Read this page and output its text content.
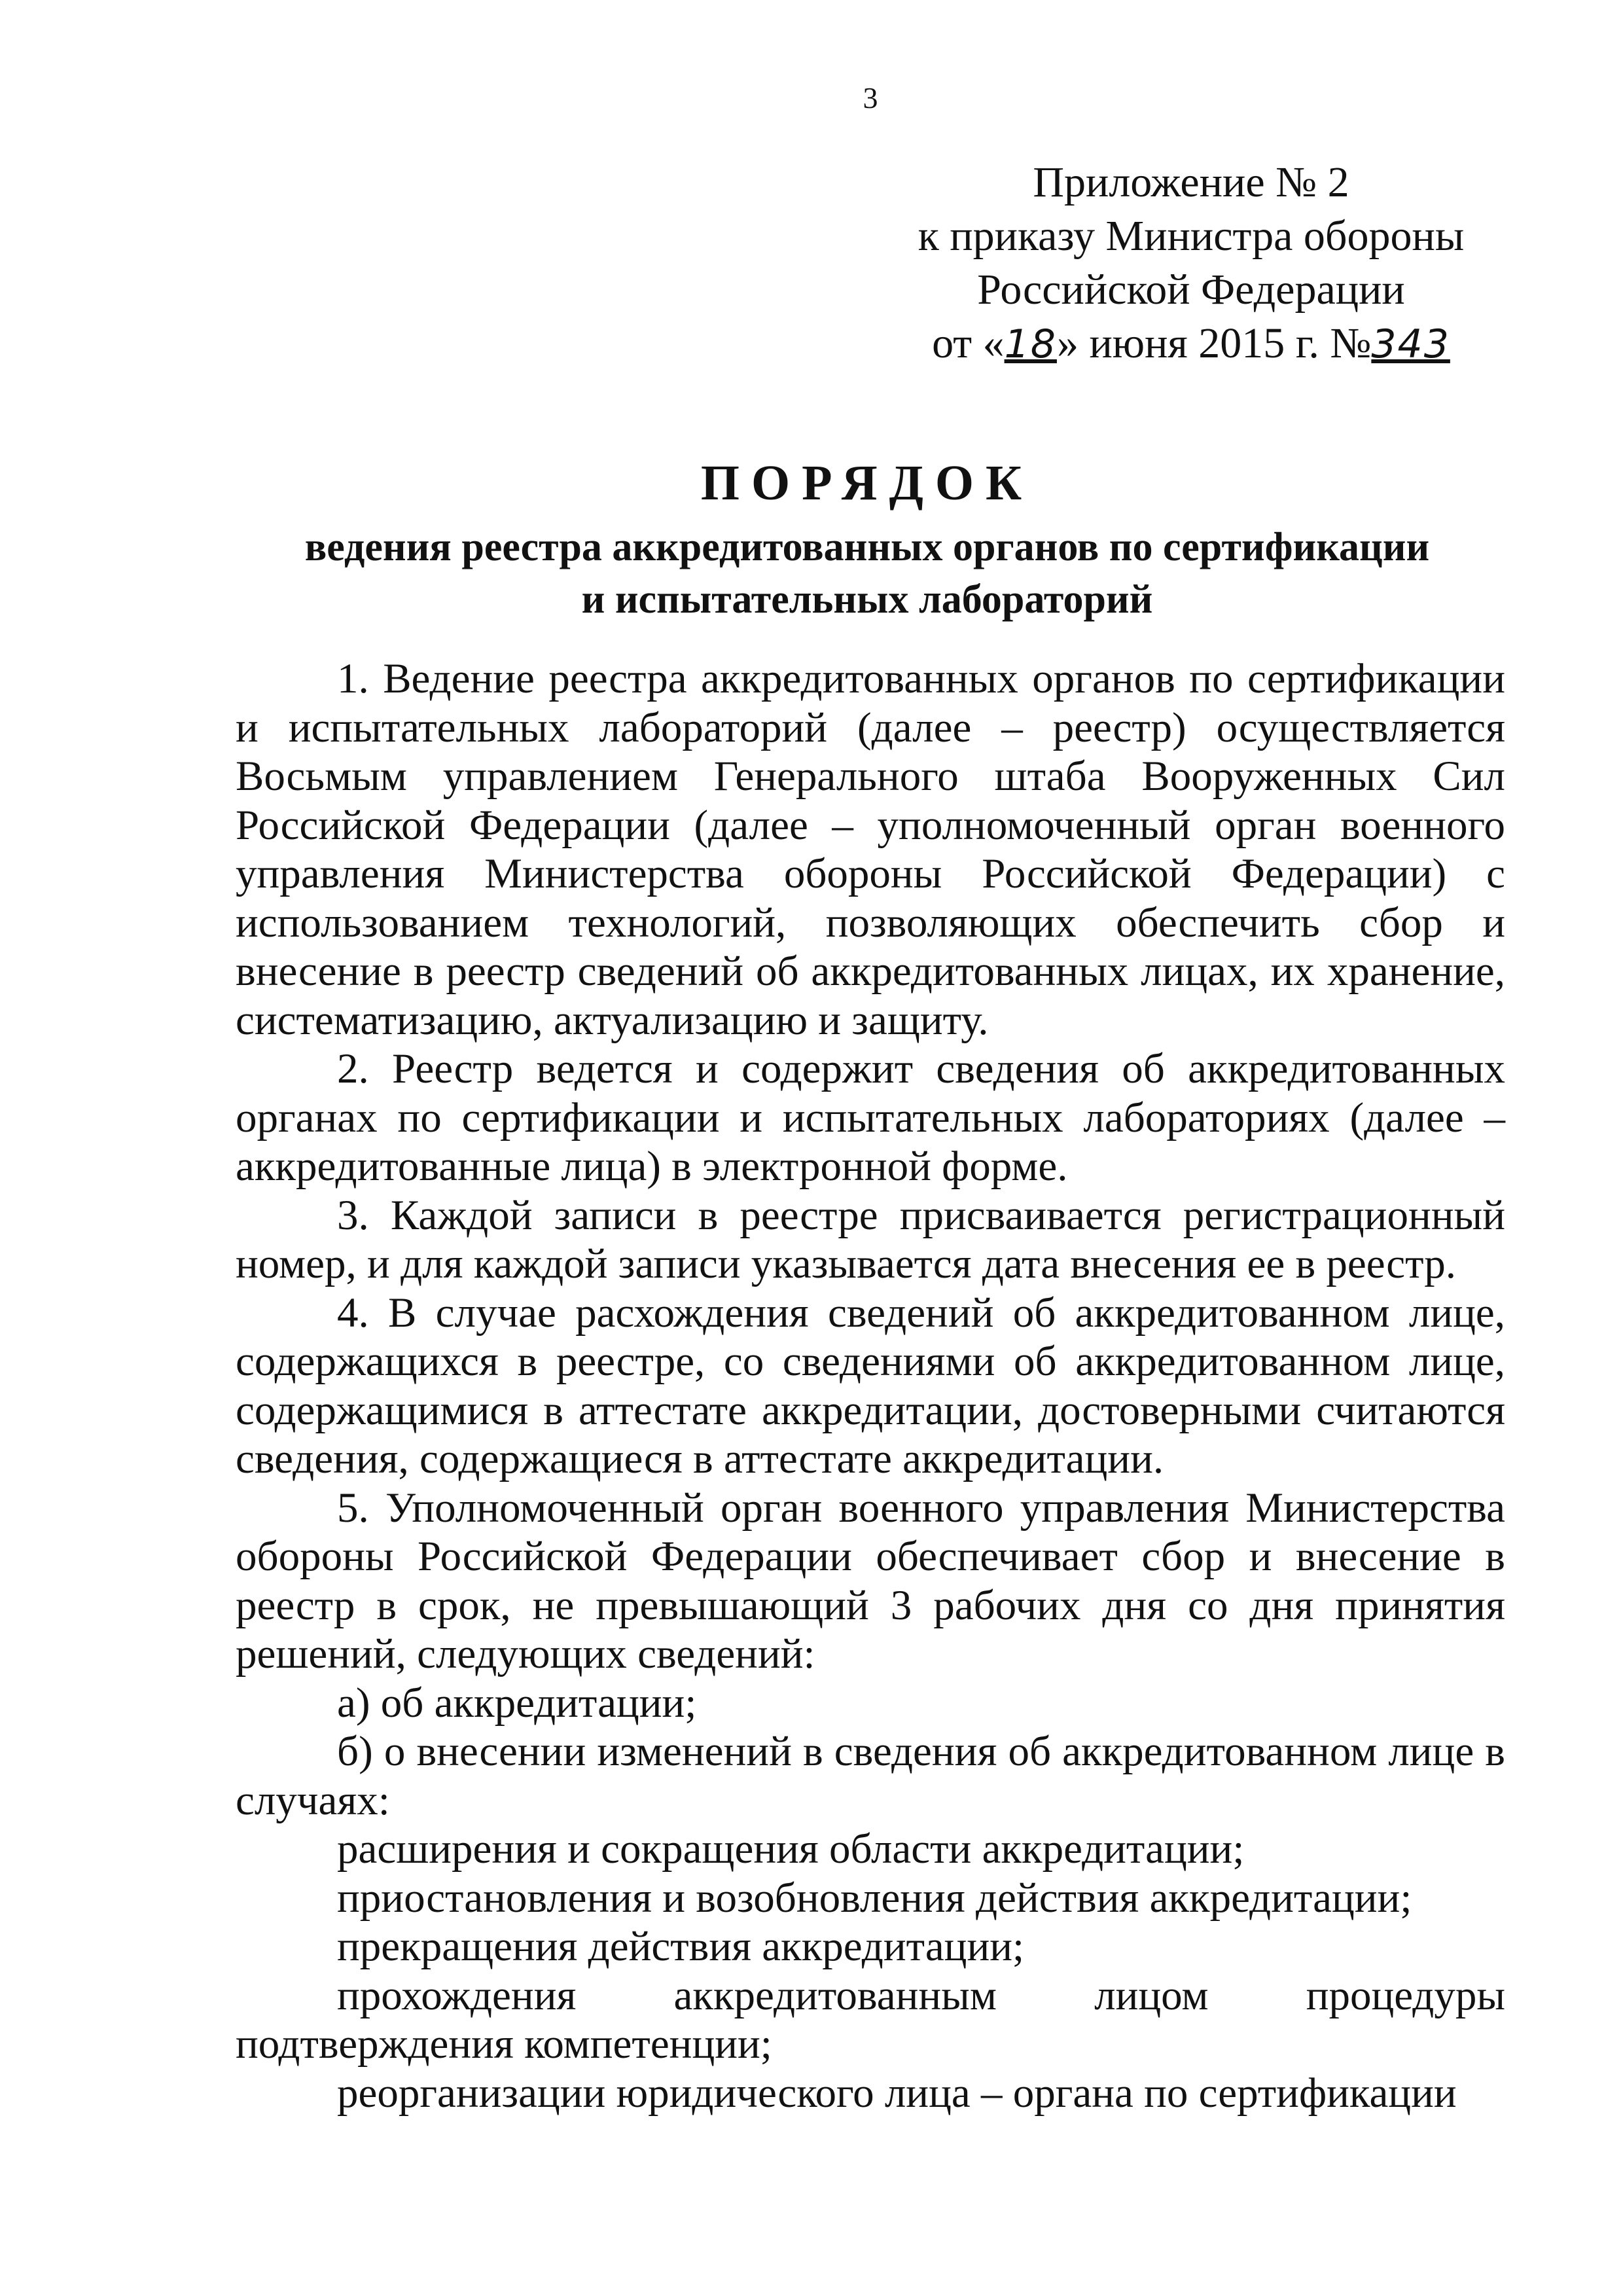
3
Приложение № 2
к приказу Министра обороны
Российской Федерации
от «18» июня 2015 г. №343
ПОРЯДОК
ведения реестра аккредитованных органов по сертификации
и испытательных лабораторий

1. Ведение реестра аккредитованных органов по сертификации и испытательных лабораторий (далее – реестр) осуществляется Восьмым управлением Генерального штаба Вооруженных Сил Российской Федерации (далее – уполномоченный орган военного управления Министерства обороны Российской Федерации) с использованием технологий, позволяющих обеспечить сбор и внесение в реестр сведений об аккредитованных лицах, их хранение, систематизацию, актуализацию и защиту.

2. Реестр ведется и содержит сведения об аккредитованных органах по сертификации и испытательных лабораториях (далее – аккредитованные лица) в электронной форме.

3. Каждой записи в реестре присваивается регистрационный номер, и для каждой записи указывается дата внесения ее в реестр.

4. В случае расхождения сведений об аккредитованном лице, содержащихся в реестре, со сведениями об аккредитованном лице, содержащимися в аттестате аккредитации, достоверными считаются сведения, содержащиеся в аттестате аккредитации.

5. Уполномоченный орган военного управления Министерства обороны Российской Федерации обеспечивает сбор и внесение в реестр в срок, не превышающий 3 рабочих дня со дня принятия решений, следующих сведений:

а) об аккредитации;

б) о внесении изменений в сведения об аккредитованном лице в случаях:

расширения и сокращения области аккредитации;

приостановления и возобновления действия аккредитации;

прекращения действия аккредитации;

прохождения аккредитованным лицом процедуры подтверждения компетенции;

реорганизации юридического лица – органа по сертификации
